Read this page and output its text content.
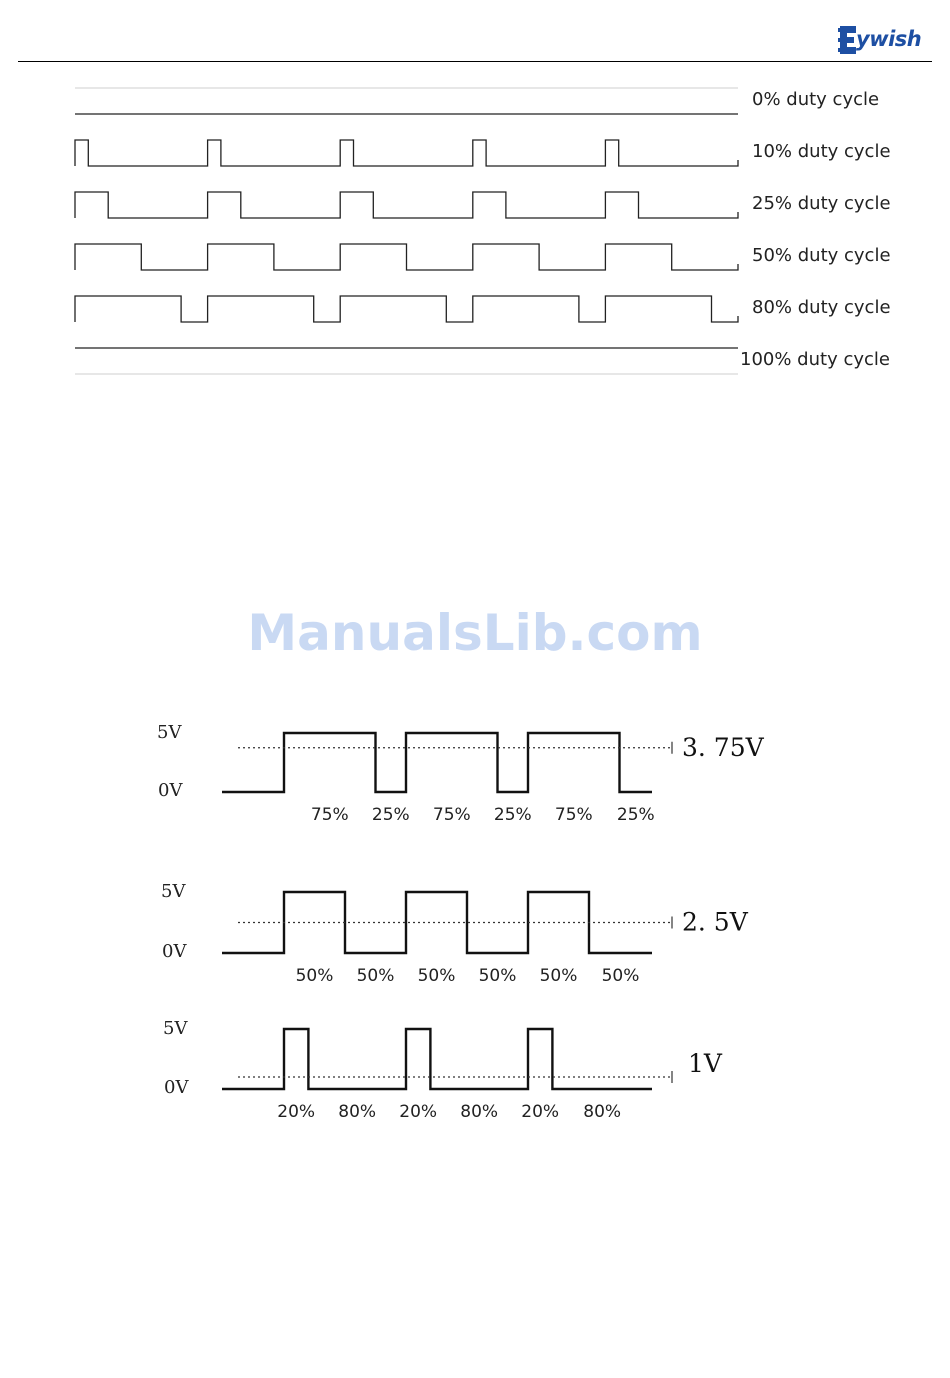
ywish
0% duty cycle
10% duty cycle
25% duty cycle
50% duty cycle
80% duty cycle
100% duty cycle
5V
0V
3. 75V
75% 25% 75% 25% 75% 25%
5V
0V
2. 5V
50% 50% 50% 50% 50% 50%
5V
0V
1V
20% 80% 20% 80% 20% 80%
ManualsLib.com
